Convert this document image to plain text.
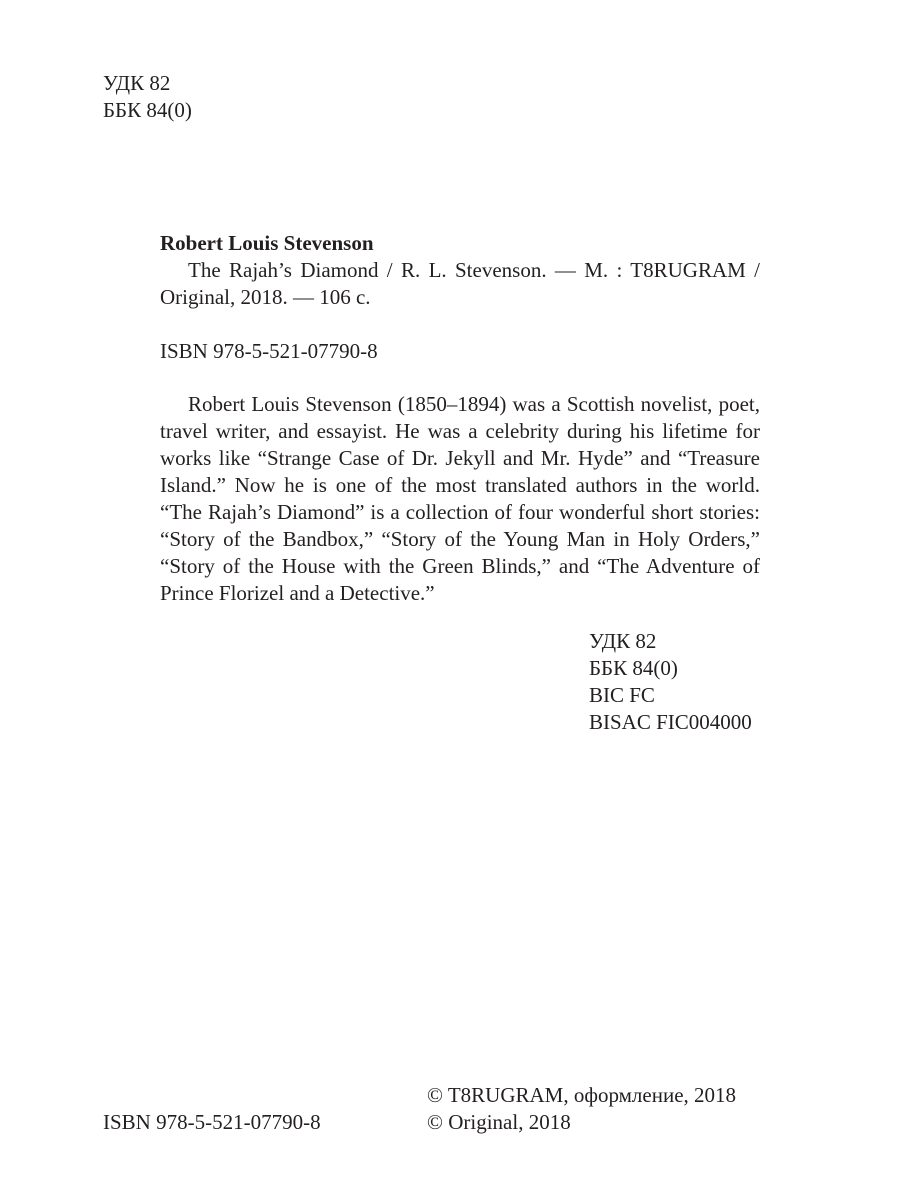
УДК 82
ББК 84(0)
Robert Louis Stevenson
The Rajah’s Diamond / R. L. Stevenson. — M. : T8RUGRAM / Original, 2018. — 106 с.
ISBN 978-5-521-07790-8
Robert Louis Stevenson (1850–1894) was a Scottish novelist, poet, travel writer, and essayist. He was a celebrity during his lifetime for works like “Strange Case of Dr. Jekyll and Mr. Hyde” and “Treasure Island.” Now he is one of the most translated authors in the world. “The Rajah’s Diamond” is a collection of four wonderful short stories: “Story of the Bandbox,” “Story of the Young Man in Holy Orders,” “Story of the House with the Green Blinds,” and “The Adventure of Prince Florizel and a Detective.”
УДК 82
ББК 84(0)
BIC FC
BISAC FIC004000
ISBN 978-5-521-07790-8
© T8RUGRAM, оформление, 2018
© Original, 2018
